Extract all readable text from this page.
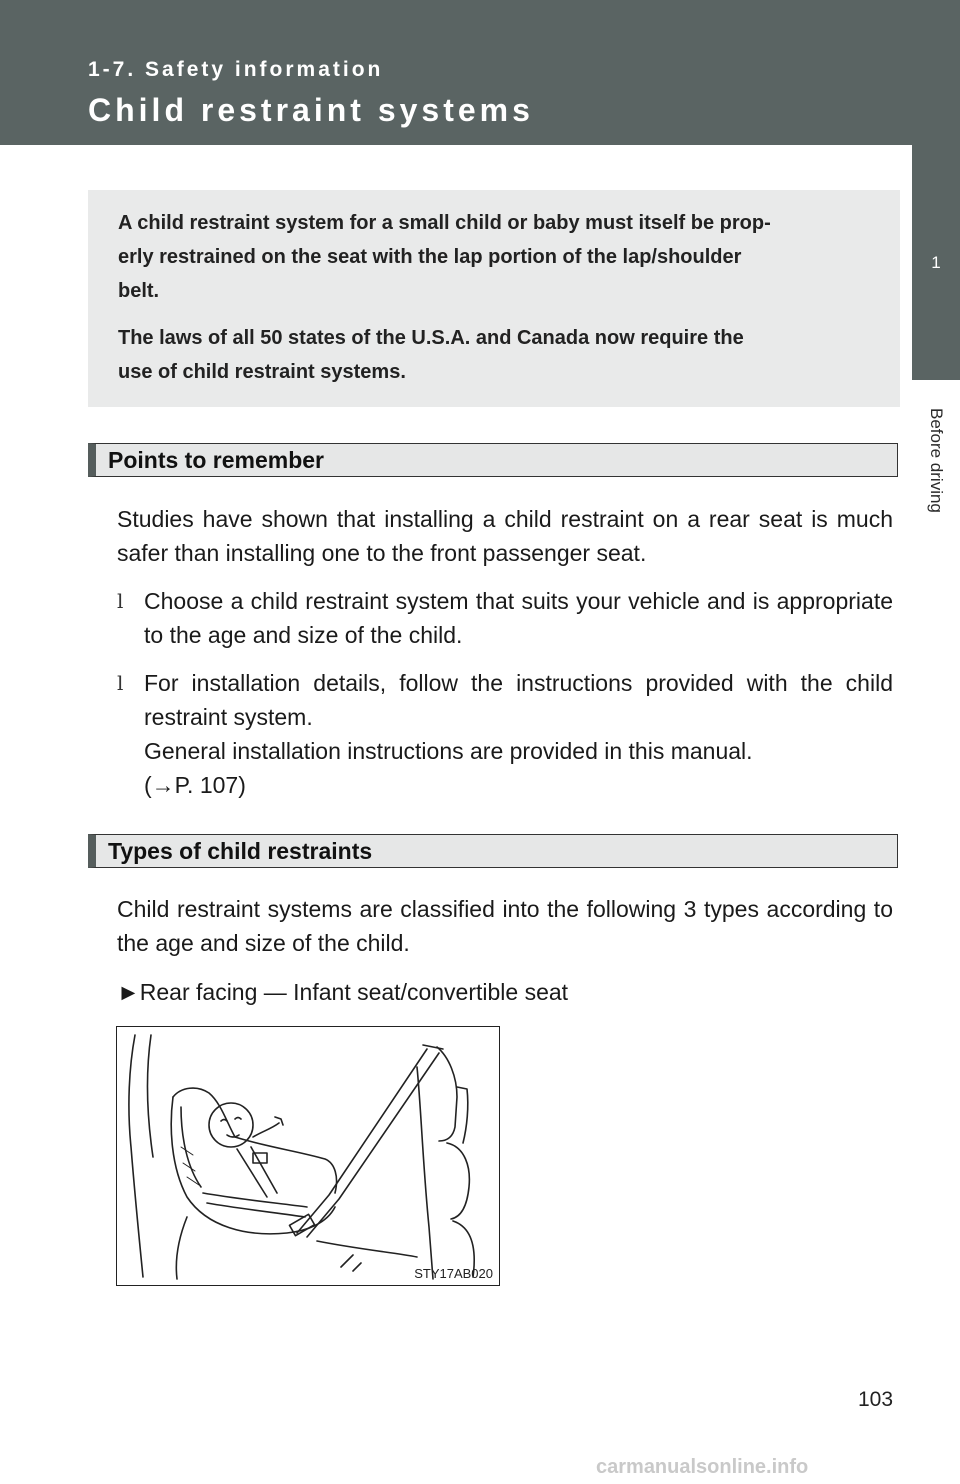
1-7. Safety information
Child restraint systems
1
Before driving

A child restraint system for a small child or baby must itself be prop-
erly restrained on the seat with the lap portion of the lap/shoulder
belt.

The laws of all 50 states of the U.S.A. and Canada now require the
use of child restraint systems.

Points to remember

Studies have shown that installing a child restraint on a rear seat is much safer than installing one to the front passenger seat.

l Choose a child restraint system that suits your vehicle and is appropriate to the age and size of the child.
l For installation details, follow the instructions provided with the child restraint system.
General installation instructions are provided in this manual.
(→P. 107)
Types of child restraints

Child restraint systems are classified into the following 3 types according to the age and size of the child.

►Rear facing — Infant seat/convertible seat
STY17AB020
103
carmanualsonline.info
